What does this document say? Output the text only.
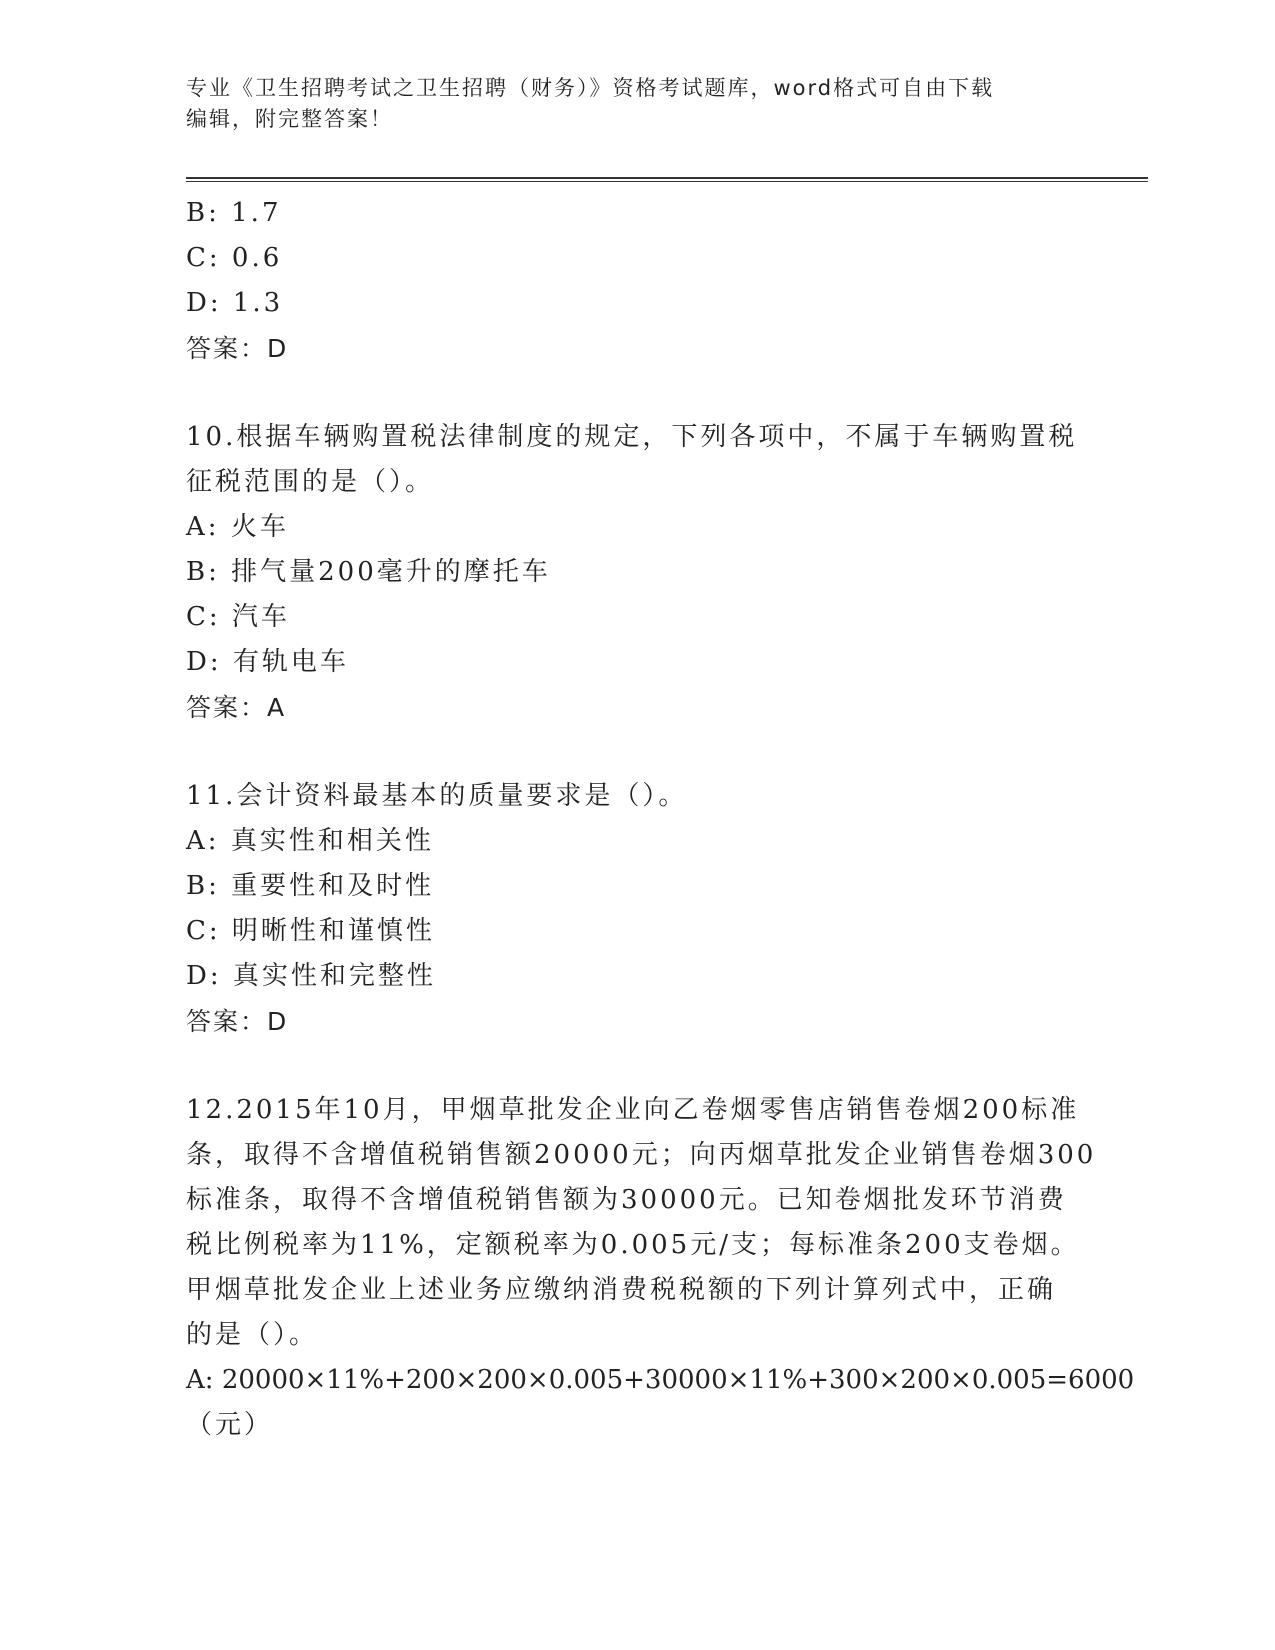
专业《卫生招聘考试之卫生招聘（财务）》资格考试题库，word格式可自由下载
编辑，附完整答案！
B: 1.7
C: 0.6
D: 1.3
答案：D
10.根据车辆购置税法律制度的规定，下列各项中，不属于车辆购置税
征税范围的是（）。
A: 火车
B: 排气量200毫升的摩托车
C: 汽车
D: 有轨电车
答案：A
11.会计资料最基本的质量要求是（）。
A: 真实性和相关性
B: 重要性和及时性
C: 明晰性和谨慎性
D: 真实性和完整性
答案：D
12.2015年10月，甲烟草批发企业向乙卷烟零售店销售卷烟200标准
条，取得不含增值税销售额20000元；向丙烟草批发企业销售卷烟300
标准条，取得不含增值税销售额为30000元。已知卷烟批发环节消费
税比例税率为11%，定额税率为0.005元/支；每标准条200支卷烟。
甲烟草批发企业上述业务应缴纳消费税税额的下列计算列式中，正确
的是（）。
A: 20000×11%+200×200×0.005+30000×11%+300×200×0.005=6000
（元）
